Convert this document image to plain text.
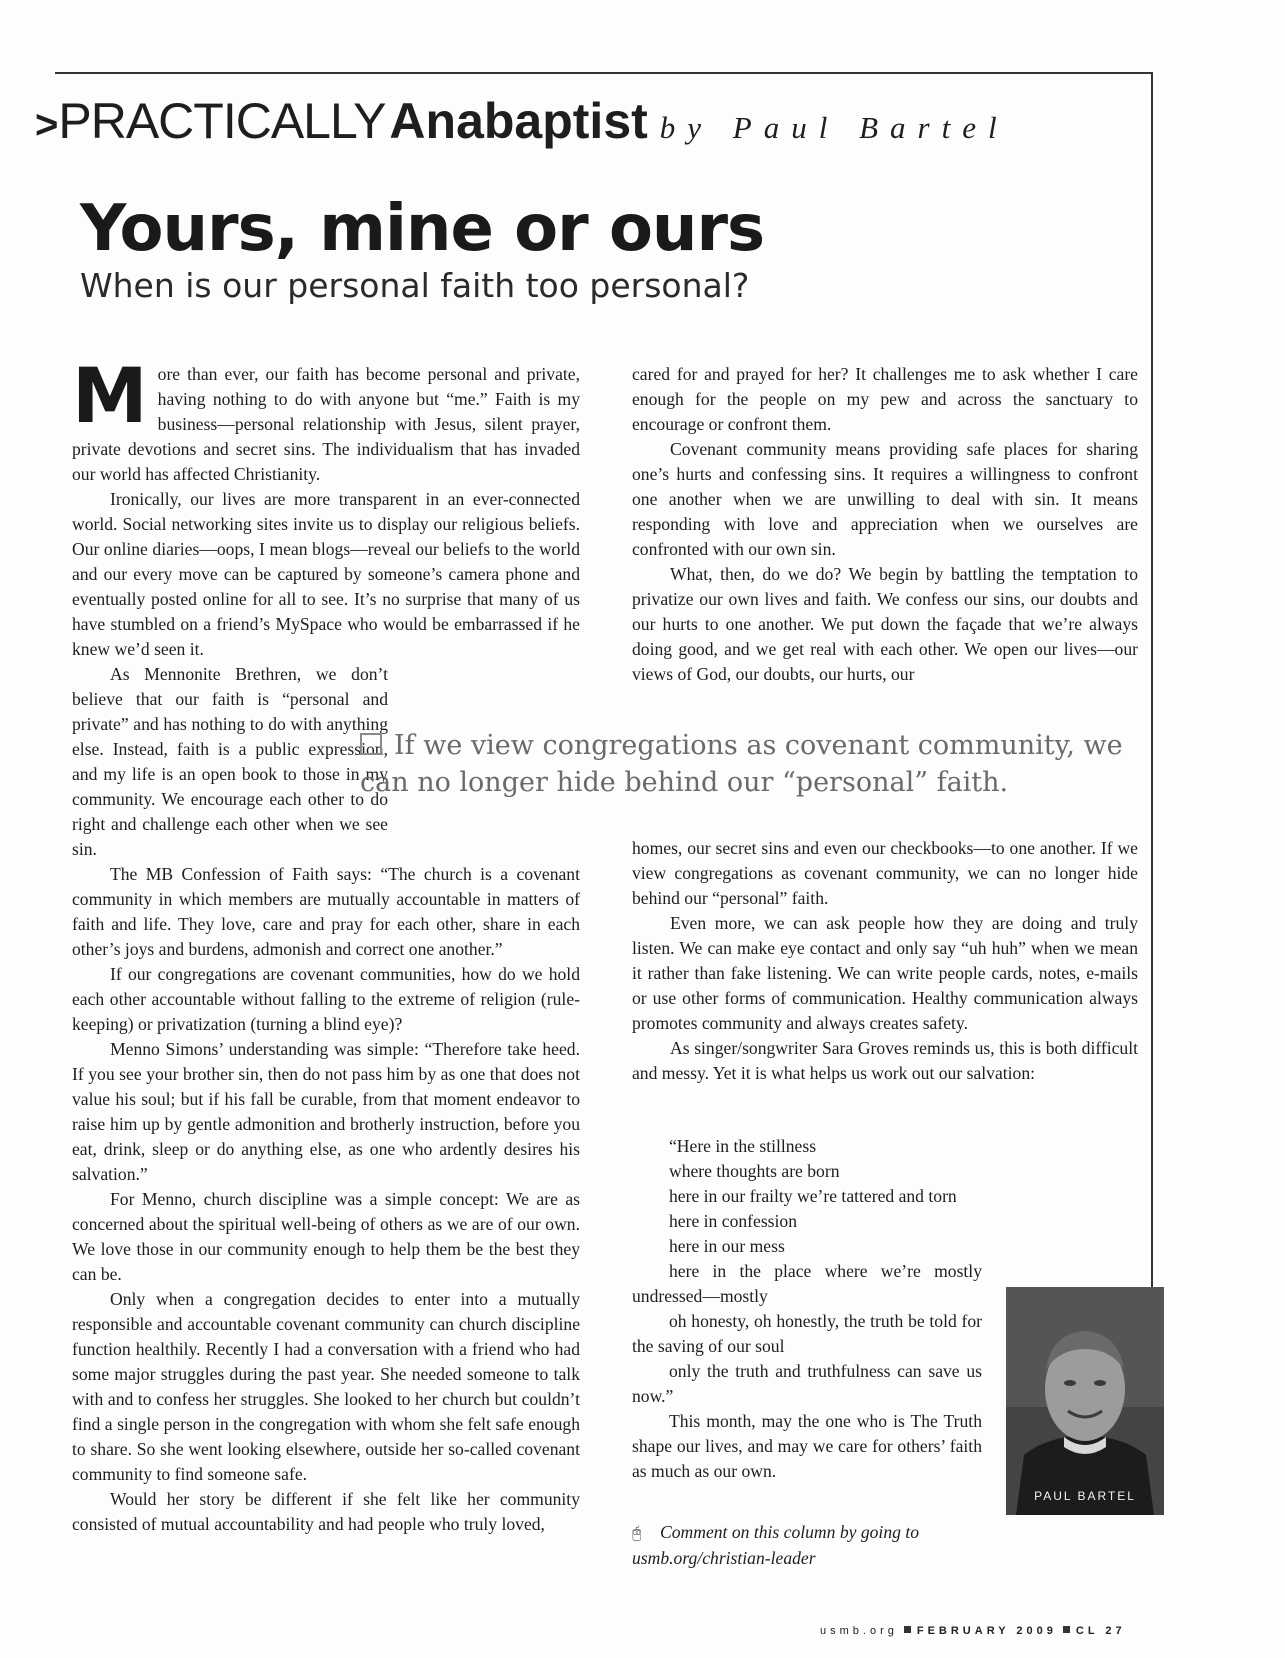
>PRACTICALLYAnabaptist by Paul Bartel
Yours, mine or ours
When is our personal faith too personal?

More than ever, our faith has become personal and private, having nothing to do with anyone but “me.” Faith is my business—personal relationship with Jesus, silent prayer, private devotions and secret sins. The individualism that has invaded our world has affected Christianity.

Ironically, our lives are more transparent in an ever-connected world. Social networking sites invite us to display our religious beliefs. Our online diaries—oops, I mean blogs—reveal our beliefs to the world and our every move can be captured by someone’s camera phone and eventually posted online for all to see. It’s no surprise that many of us have stumbled on a friend’s MySpace who would be embarrassed if he knew we’d seen it.

As Mennonite Brethren, we don’t believe that our faith is “personal and private” and has nothing to do with anything else. Instead, faith is a public expression, and my life is an open book to those in my community. We encourage each other to do right and challenge each other when we see sin.

The MB Confession of Faith says: “The church is a covenant community in which members are mutually accountable in matters of faith and life. They love, care and pray for each other, share in each other’s joys and burdens, admonish and correct one another.”

If our congregations are covenant communities, how do we hold each other accountable without falling to the extreme of religion (rule-keeping) or privatization (turning a blind eye)?

Menno Simons’ understanding was simple: “Therefore take heed. If you see your brother sin, then do not pass him by as one that does not value his soul; but if his fall be curable, from that moment endeavor to raise him up by gentle admonition and brotherly instruction, before you eat, drink, sleep or do anything else, as one who ardently desires his salvation.”

For Menno, church discipline was a simple concept: We are as concerned about the spiritual well-being of others as we are of our own. We love those in our community enough to help them be the best they can be.

Only when a congregation decides to enter into a mutually responsible and accountable covenant community can church discipline function healthily. Recently I had a conversation with a friend who had some major struggles during the past year. She needed someone to talk with and to confess her struggles. She looked to her church but couldn’t find a single person in the congregation with whom she felt safe enough to share. So she went looking elsewhere, outside her so-called covenant community to find someone safe.

Would her story be different if she felt like her community consisted of mutual accountability and had people who truly loved,

cared for and prayed for her? It challenges me to ask whether I care enough for the people on my pew and across the sanctuary to encourage or confront them.

Covenant community means providing safe places for sharing one’s hurts and confessing sins. It requires a willingness to confront one another when we are unwilling to deal with sin. It means responding with love and appreciation when we ourselves are confronted with our own sin.

What, then, do we do? We begin by battling the temptation to privatize our own lives and faith. We confess our sins, our doubts and our hurts to one another. We put down the façade that we’re always doing good, and we get real with each other. We open our lives—our views of God, our doubts, our hurts, our

If we view congregations as covenant community, we can no longer hide behind our “personal” faith.

homes, our secret sins and even our checkbooks—to one another. If we view congregations as covenant community, we can no longer hide behind our “personal” faith.

Even more, we can ask people how they are doing and truly listen. We can make eye contact and only say “uh huh” when we mean it rather than fake listening. We can write people cards, notes, e-mails or use other forms of communication. Healthy communication always promotes community and always creates safety.

As singer/songwriter Sara Groves reminds us, this is both difficult and messy. Yet it is what helps us work out our salvation:

“Here in the stillness
where thoughts are born
here in our frailty we’re tattered and torn
here in confession
here in our mess
here in the place where we’re mostly undressed—mostly
oh honesty, oh honestly, the truth be told for the saving of our soul
only the truth and truthfulness can save us now.”
This month, may the one who is The Truth shape our lives, and may we care for others’ faith as much as our own.
PAUL BARTEL
🖰 Comment on this column by going to usmb.org/christian-leader
usmb.org FEBRUARY 2009 CL 27
